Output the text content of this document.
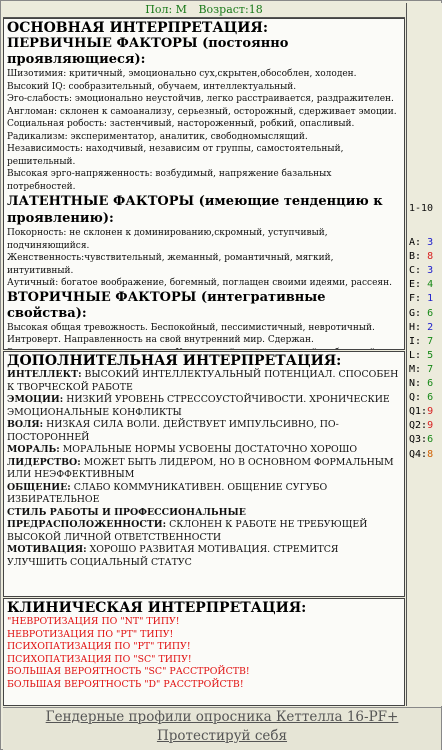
Пол: М Возраст:18

ОСНОВНАЯ ИНТЕРПРЕТАЦИЯ:

ПЕРВИЧНЫЕ ФАКТОРЫ (постоянно проявляющиеся):

Шизотимия: критичный, эмоционально сух,скрытен,обособлен, холоден.

Высокий IQ: сообразительный, обучаем, интеллектуальный.

Эго-слабость: эмоционально неустойчив, легко расстраивается, раздражителен.

Англоман: склонен к самоанализу, серьезный, осторожный, сдерживает эмоции.

Социальная робость: застенчивый, настороженный, робкий, опасливый.

Радикализм: экспериментатор, аналитик, свободномыслящий.

Независимость: находчивый, независим от группы, самостоятельный, решительный.

Высокая эрго-напряженность: возбудимый, напряжение базальных потребностей.

ЛАТЕНТНЫЕ ФАКТОРЫ (имеющие тенденцию к проявлению):

Покорность: не склонен к доминированию,скромный, уступчивый, подчиняющийся.

Женственность:чувствительный, жеманный, романтичный, мягкий, интуитивный.

Аутичный: богатое воображение, богемный, поглащен своими идеями, рассеян.

ВТОРИЧНЫЕ ФАКТОРЫ (интегративные свойства):

Высокая общая тревожность. Беспокойный, пессимистичный, невротичный.

Интроверт. Направленность на свой внутренний мир. Сдержан.

ДОПОЛНИТЕЛЬНАЯ ИНТЕРПРЕТАЦИЯ:

ИНТЕЛЛЕКТ: ВЫСОКИЙ ИНТЕЛЛЕКТУАЛЬНЫЙ ПОТЕНЦИАЛ. СПОСОБЕН К ТВОРЧЕСКОЙ РАБОТЕ

ЭМОЦИИ: НИЗКИЙ УРОВЕНЬ СТРЕССОУСТОЙЧИВОСТИ. ХРОНИЧЕСКИЕ ЭМОЦИОНАЛЬНЫЕ КОНФЛИКТЫ

ВОЛЯ: НИЗКАЯ СИЛА ВОЛИ. ДЕЙСТВУЕТ ИМПУЛЬСИВНО, ПО-ПОСТОРОННЕЙ

МОРАЛЬ: МОРАЛЬНЫЕ НОРМЫ УСВОЕНЫ ДОСТАТОЧНО ХОРОШО

ЛИДЕРСТВО: МОЖЕТ БЫТЬ ЛИДЕРОМ, НО В ОСНОВНОМ ФОРМАЛЬНЫМ ИЛИ НЕЭФФЕКТИВНЫМ

ОБЩЕНИЕ: СЛАБО КОММУНИКАТИВЕН. ОБЩЕНИЕ СУГУБО ИЗБИРАТЕЛЬНОЕ

СТИЛЬ РАБОТЫ И ПРОФЕССИОНАЛЬНЫЕ ПРЕДРАСПОЛОЖЕННОСТИ: СКЛОНЕН К РАБОТЕ НЕ ТРЕБУЮЩЕЙ ВЫСОКОЙ ЛИЧНОЙ ОТВЕТСТВЕННОСТИ

МОТИВАЦИЯ: ХОРОШО РАЗВИТАЯ МОТИВАЦИЯ. СТРЕМИТСЯ УЛУЧШИТЬ СОЦИАЛЬНЫЙ СТАТУС

КЛИНИЧЕСКАЯ ИНТЕРПРЕТАЦИЯ:

"НЕВРОТИЗАЦИЯ ПО "NT" ТИПУ!

НЕВРОТИЗАЦИЯ ПО "PT" ТИПУ!

ПСИХОПАТИЗАЦИЯ ПО "PT" ТИПУ!

ПСИХОПАТИЗАЦИЯ ПО "SC" ТИПУ!

БОЛЬШАЯ ВЕРОЯТНОСТЬ "SC" РАССТРОЙСТВ!

БОЛЬШАЯ ВЕРОЯТНОСТЬ "D" РАССТРОЙСТВ!

1-10
A: 3
B: 8
C: 3
E: 4
F: 1
G: 6
H: 2
I: 7
L: 5
M: 7
N: 6
Q: 6
Q1:9
Q2:9
Q3:6
Q4:8
Гендерные профили опросника Кеттелла 16-PF+
Протестируй себя
